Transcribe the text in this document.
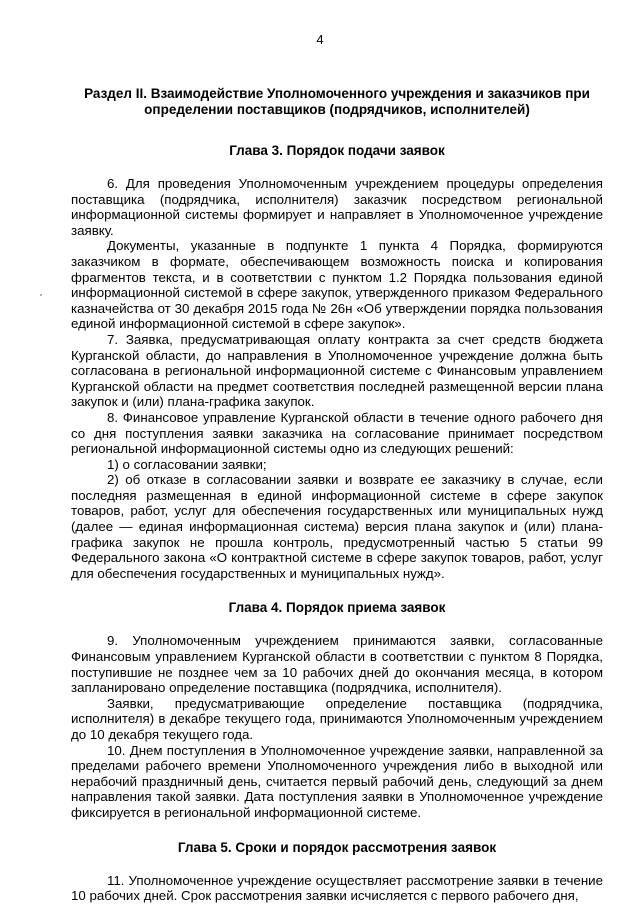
4
Раздел II. Взаимодействие Уполномоченного учреждения и заказчиков при определении поставщиков (подрядчиков, исполнителей)
Глава 3. Порядок подачи заявок

6. Для проведения Уполномоченным учреждением процедуры определения поставщика (подрядчика, исполнителя) заказчик посредством региональной информационной системы формирует и направляет в Уполномоченное учреждение заявку.

Документы, указанные в подпункте 1 пункта 4 Порядка, формируются заказчиком в формате, обеспечивающем возможность поиска и копирования фрагментов текста, и в соответствии с пунктом 1.2 Порядка пользования единой информационной системой в сфере закупок, утвержденного приказом Федерального казначейства от 30 декабря 2015 года № 26н «Об утверждении порядка пользования единой информационной системой в сфере закупок».

7. Заявка, предусматривающая оплату контракта за счет средств бюджета Курганской области, до направления в Уполномоченное учреждение должна быть согласована в региональной информационной системе с Финансовым управлением Курганской области на предмет соответствия последней размещенной версии плана закупок и (или) плана-графика закупок.

8. Финансовое управление Курганской области в течение одного рабочего дня со дня поступления заявки заказчика на согласование принимает посредством региональной информационной системы одно из следующих решений:

1) о согласовании заявки;

2) об отказе в согласовании заявки и возврате ее заказчику в случае, если последняя размещенная в единой информационной системе в сфере закупок товаров, работ, услуг для обеспечения государственных или муниципальных нужд (далее — единая информационная система) версия плана закупок и (или) плана-графика закупок не прошла контроль, предусмотренный частью 5 статьи 99 Федерального закона «О контрактной системе в сфере закупок товаров, работ, услуг для обеспечения государственных и муниципальных нужд».

Глава 4. Порядок приема заявок

9. Уполномоченным учреждением принимаются заявки, согласованные Финансовым управлением Курганской области в соответствии с пунктом 8 Порядка, поступившие не позднее чем за 10 рабочих дней до окончания месяца, в котором запланировано определение поставщика (подрядчика, исполнителя).

Заявки, предусматривающие определение поставщика (подрядчика, исполнителя) в декабре текущего года, принимаются Уполномоченным учреждением до 10 декабря текущего года.

10. Днем поступления в Уполномоченное учреждение заявки, направленной за пределами рабочего времени Уполномоченного учреждения либо в выходной или нерабочий праздничный день, считается первый рабочий день, следующий за днем направления такой заявки. Дата поступления заявки в Уполномоченное учреждение фиксируется в региональной информационной системе.

Глава 5. Сроки и порядок рассмотрения заявок

11. Уполномоченное учреждение осуществляет рассмотрение заявки в течение 10 рабочих дней. Срок рассмотрения заявки исчисляется с первого рабочего дня,
